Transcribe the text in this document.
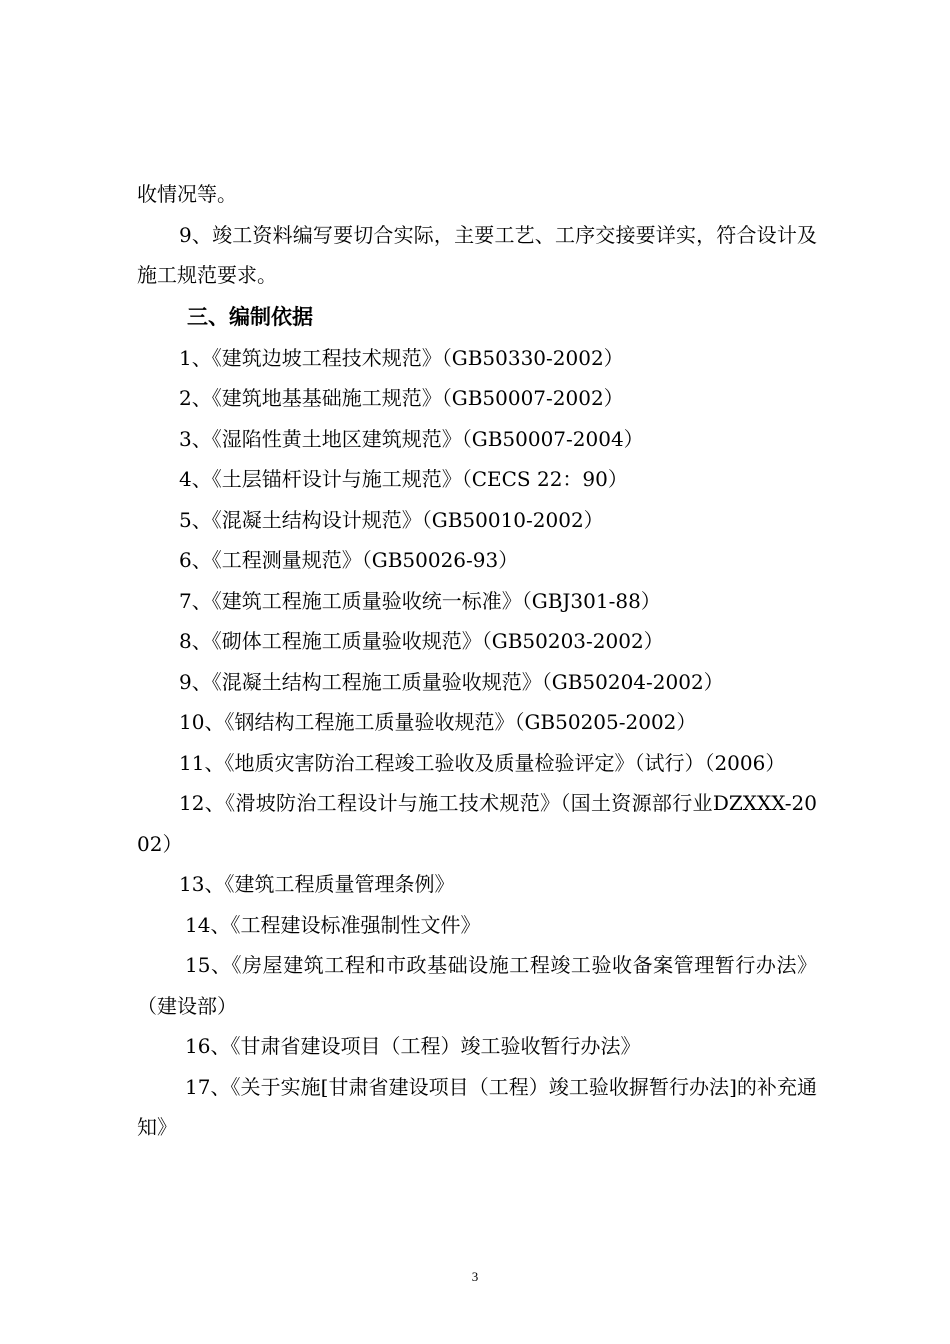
收情况等。

9、竣工资料编写要切合实际，主要工艺、工序交接要详实，符合设计及施工规范要求。

三、编制依据

1、《建筑边坡工程技术规范》（GB50330-2002）

2、《建筑地基基础施工规范》（GB50007-2002）

3、《湿陷性黄土地区建筑规范》（GB50007-2004）

4、《土层锚杆设计与施工规范》（CECS 22：90）

5、《混凝土结构设计规范》（GB50010-2002）

6、《工程测量规范》（GB50026-93）

7、《建筑工程施工质量验收统一标准》（GBJ301-88）

8、《砌体工程施工质量验收规范》（GB50203-2002）

9、《混凝土结构工程施工质量验收规范》（GB50204-2002）

10、《钢结构工程施工质量验收规范》（GB50205-2002）

11、《地质灾害防治工程竣工验收及质量检验评定》（试行）（2006）

12、《滑坡防治工程设计与施工技术规范》（国土资源部行业DZXXX-2002）

13、《建筑工程质量管理条例》

14、《工程建设标准强制性文件》

15、《房屋建筑工程和市政基础设施工程竣工验收备案管理暂行办法》（建设部）

16、《甘肃省建设项目（工程）竣工验收暂行办法》

17、《关于实施[甘肃省建设项目（工程）竣工验收摒暂行办法]的补充通知》

3
